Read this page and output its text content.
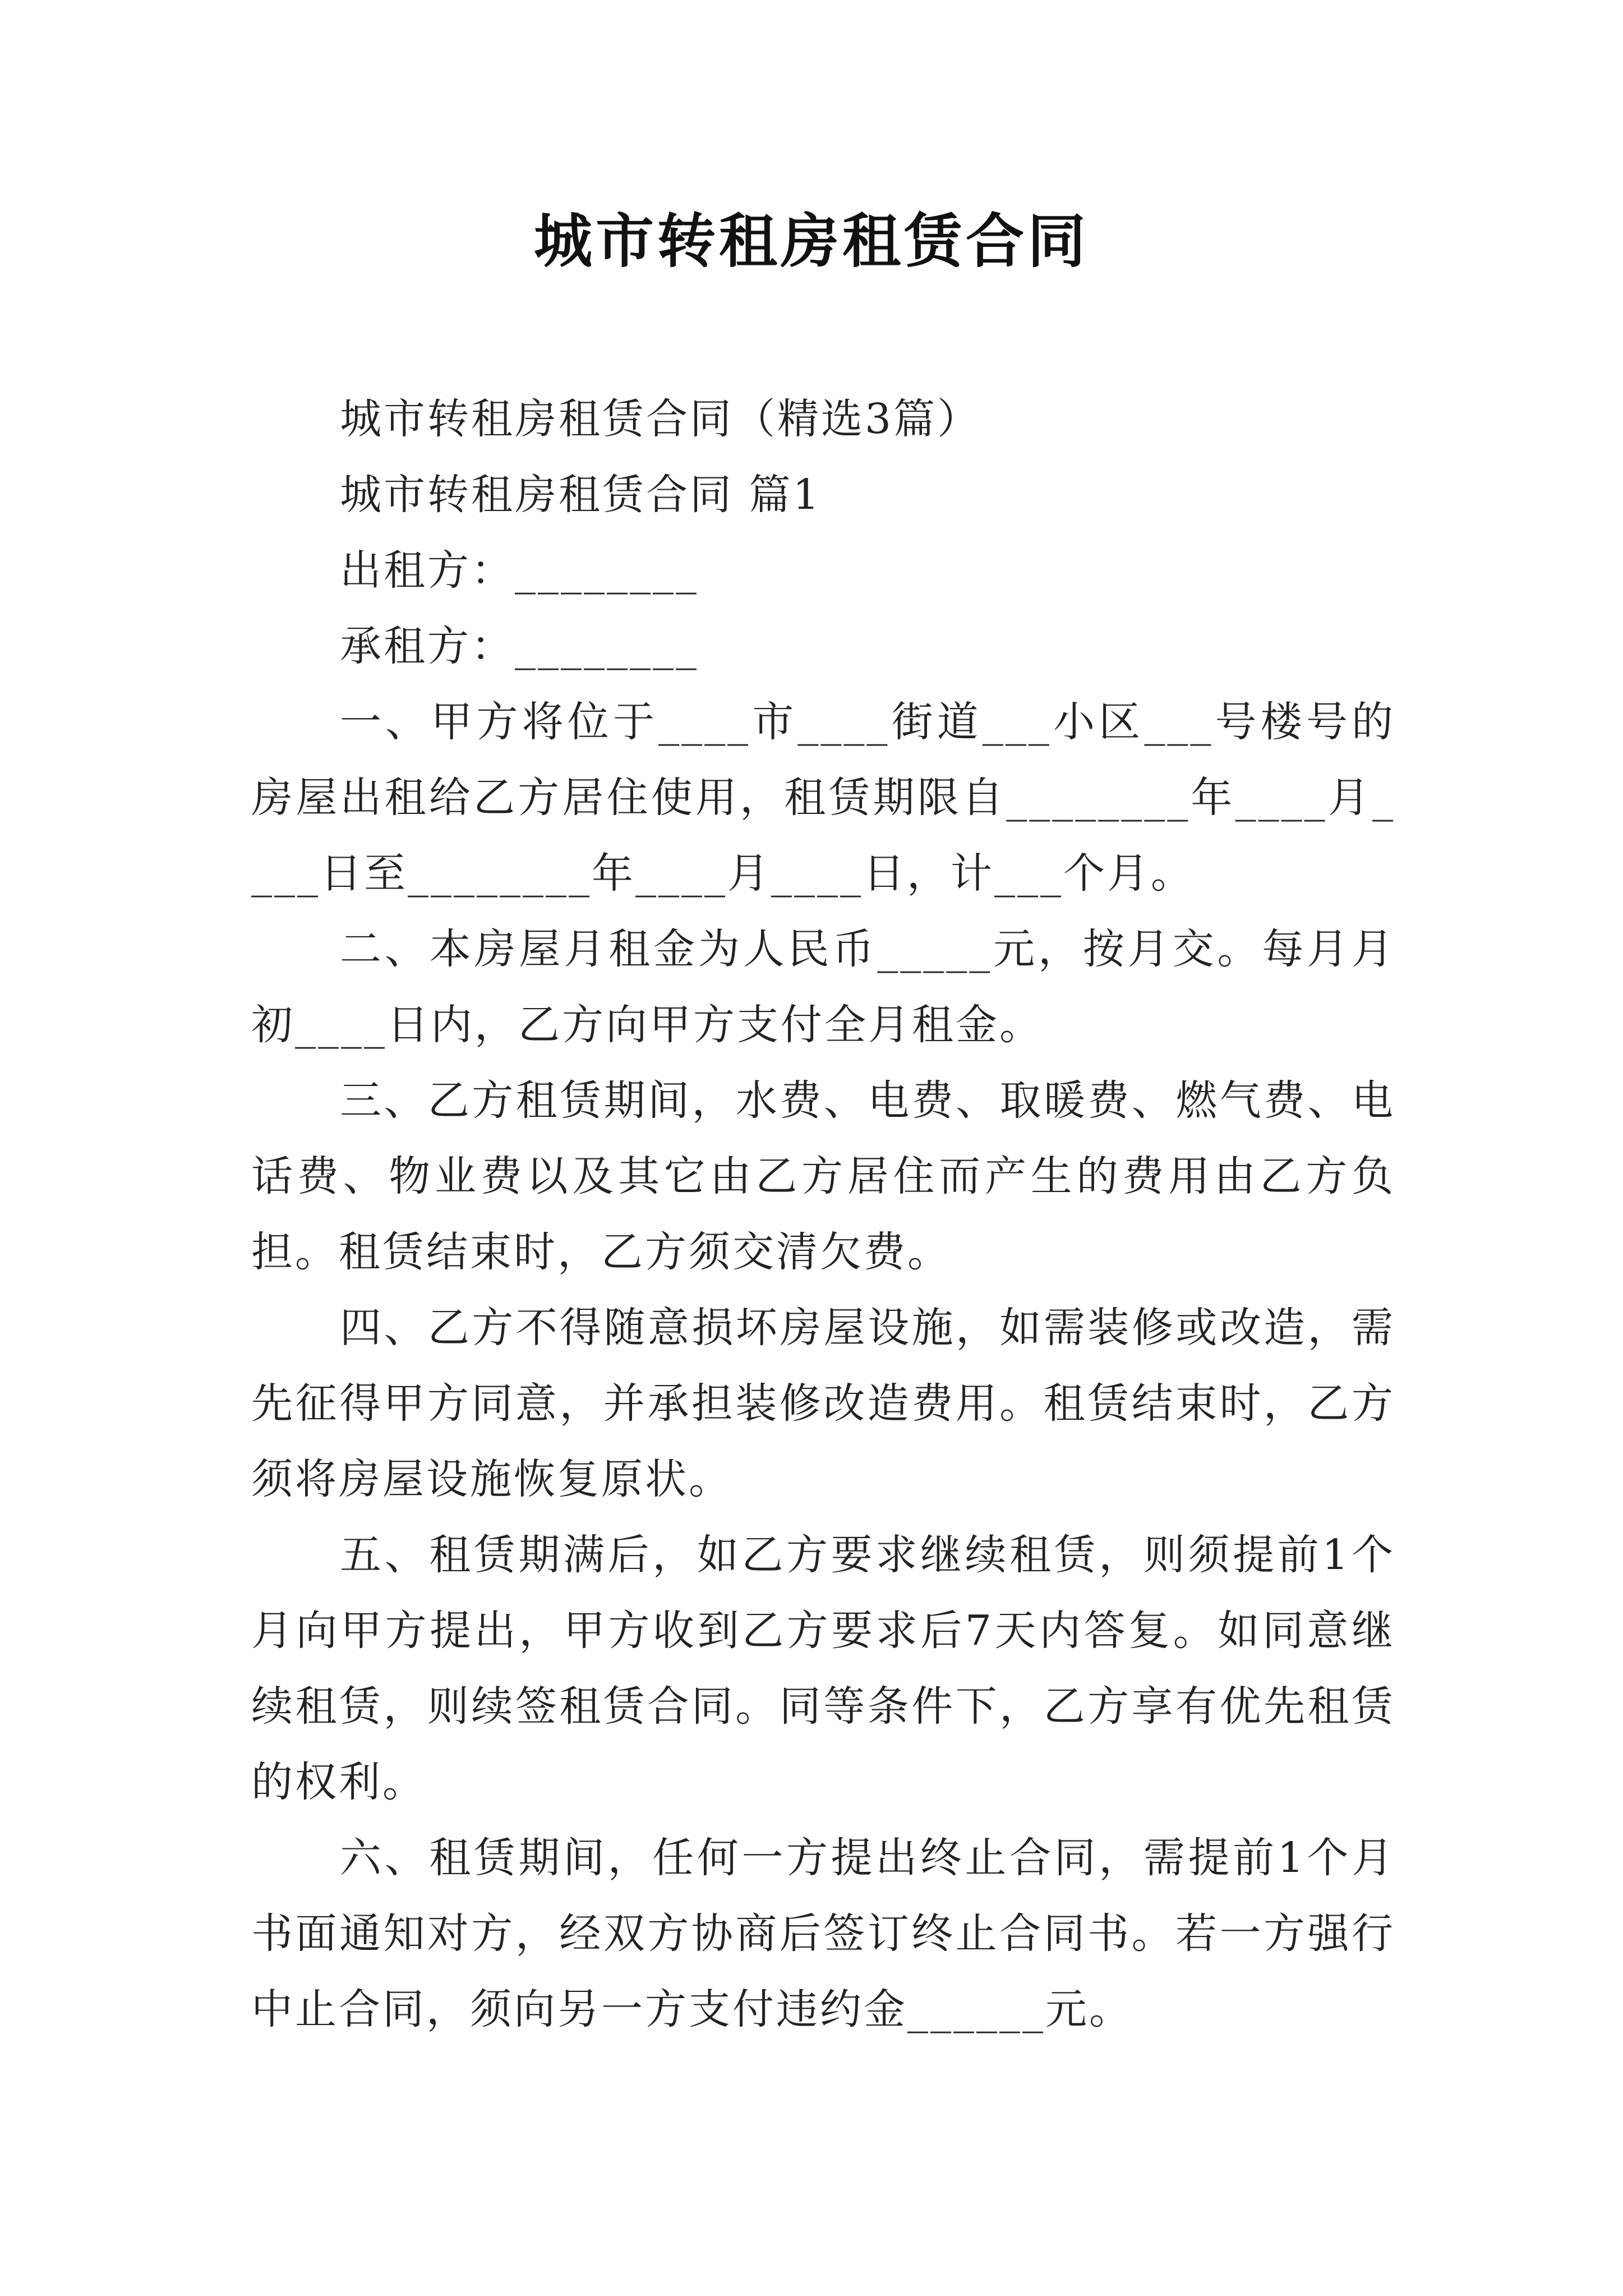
城市转租房租赁合同

城市转租房租赁合同（精选3篇）

城市转租房租赁合同 篇1

出租方：________

承租方：________

一、甲方将位于____市____街道___小区___号楼号的房屋出租给乙方居住使用，租赁期限自________年____月____日至________年____月____日，计___个月。

二、本房屋月租金为人民币_____元，按月交。每月月初____日内，乙方向甲方支付全月租金。

三、乙方租赁期间，水费、电费、取暖费、燃气费、电话费、物业费以及其它由乙方居住而产生的费用由乙方负担。租赁结束时，乙方须交清欠费。

四、乙方不得随意损坏房屋设施，如需装修或改造，需先征得甲方同意，并承担装修改造费用。租赁结束时，乙方须将房屋设施恢复原状。

五、租赁期满后，如乙方要求继续租赁，则须提前1个月向甲方提出，甲方收到乙方要求后7天内答复。如同意继续租赁，则续签租赁合同。同等条件下，乙方享有优先租赁的权利。

六、租赁期间，任何一方提出终止合同，需提前1个月书面通知对方，经双方协商后签订终止合同书。若一方强行中止合同，须向另一方支付违约金______元。
